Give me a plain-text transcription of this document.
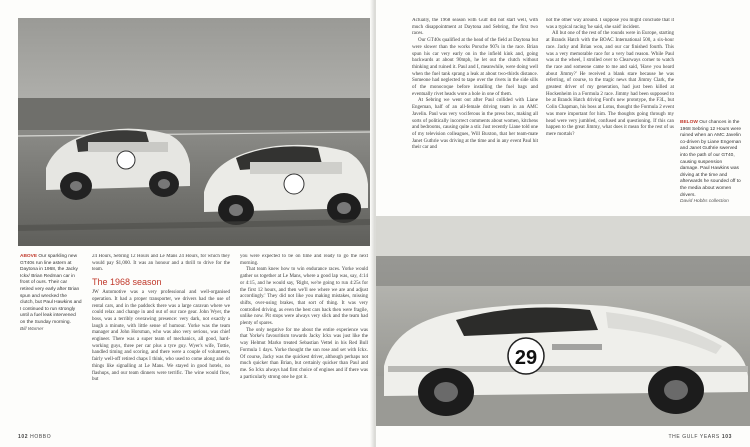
ABOVE Our sparkling new GT40s run line astern at Daytona in 1968, the Jacky Ickx/ Brian Redman car in front of ours. Their car retired very early after Brian spun and wrecked the clutch, but Paul Hawkins and I continued to run strongly until a fuel leak intervened on the Sunday morning.
Bill Warner

24 Hours, Sebring 12 Hours and Le Mans 24 Hours, for which they would pay $1,000. It was an honour and a thrill to drive for the team.

The 1968 season

JW Automotive was a very professional and well-organised operation. It had a proper transporter, we drivers had the use of rental cars, and in the paddock there was a large caravan where we could relax and change in and out of our race gear. John Wyer, the boss, was a terribly overawing presence: very dark, not exactly a laugh a minute, with little sense of humour. Yorke was the team manager and John Horsman, who was also very serious, was chief engineer. There was a super team of mechanics, all good, hard-working guys, three per car plus a tyre guy. Wyer's wife, Tottie, handled timing and scoring, and there were a couple of volunteers, fairly well-off retired chaps I think, who used to come along and do things like signalling at Le Mans. We stayed in good hotels, no flashups, and our team dinners were terrific. The wine would flow, but

you were expected to be on time and ready to go the next morning.

That team knew how to win endurance races. Yorke would gather us together at Le Mans, where a good lap was, say, 4:14 or 4:15, and he would say, 'Right, we're going to run 4:25s for the first 12 hours, and then we'll see where we are and adjust accordingly.' They did not like you making mistakes, missing shifts, over-using brakes, that sort of thing. It was very controlled driving, as even the best cars back then were fragile, unlike now. Pit stops were always very slick and the team had plenty of spares.

The only negative for me about the entire experience was that Yorke's favouritism towards Jacky Ickx was just like the way Helmut Marko treated Sebastian Vettel in his Red Bull Formula 1 days. Yorke thought the sun rose and set with Ickx. Of course, Jacky was the quickest driver, although perhaps not much quicker than Brian, but certainly quicker than Paul and me. So Ickx always had first choice of engines and if there was a particularly strong one he got it.

102 HOBBO

Actually, the 1968 season with Gulf did not start well, with much disappointment at Daytona and Sebring, the first two races.

Our GT40s qualified at the head of the field at Daytona but were slower than the works Porsche 907s in the race. Brian spun his car very early on in the infield kink and, going backwards at about 90mph, he let out the clutch without thinking and ruined it. Paul and I, meanwhile, were doing well when the fuel tank sprang a leak at about two-thirds distance. Someone had neglected to tape over the rivets in the side sills of the monocoque before installing the fuel bags and eventually rivet heads wore a hole in one of them.

At Sebring we went out after Paul collided with Liane Engeman, half of an all-female driving team in an AMC Javelin. Paul was very vociferous in the press box, making all sorts of politically incorrect comments about women, kitchens and bedrooms, causing quite a stir. Just recently Liane told one of my television colleagues, Will Buxton, that her team-mate Janet Guthrie was driving at the time and in any event Paul hit their car and

not the other way around. I suppose you might conclude that it was a typical racing 'he said, she said' incident.

All but one of the rest of the rounds were in Europe, starting at Brands Hatch with the BOAC International 500, a six-hour race. Jacky and Brian won, and our car finished fourth. This was a very memorable race for a very bad reason. While Paul was at the wheel, I strolled over to Clearways corner to watch the race and someone came to me and said, 'Have you heard about Jimmy?' He received a blank stare because he was referring, of course, to the tragic news that Jimmy Clark, the greatest driver of my generation, had just been killed at Hockenheim in a Formula 2 race. Jimmy had been supposed to be at Brands Hatch driving Ford's new prototype, the F3L, but Colin Chapman, his boss at Lotus, thought the Formula 2 event was more important for him. The thoughts going through my head were very jumbled, confused and questioning. If this can happen to the great Jimmy, what does it mean for the rest of us mere mortals?

BELOW Our chances in the 1968 Sebring 12 Hours were ruined when an AMC Javelin co-driven by Liane Engeman and Janet Guthrie swerved into the path of our GT40, causing suspension damage. Paul Hawkins was driving at the time and afterwards he sounded off to the media about women drivers.
David Hobbs collection
29
THE GULF YEARS 103
